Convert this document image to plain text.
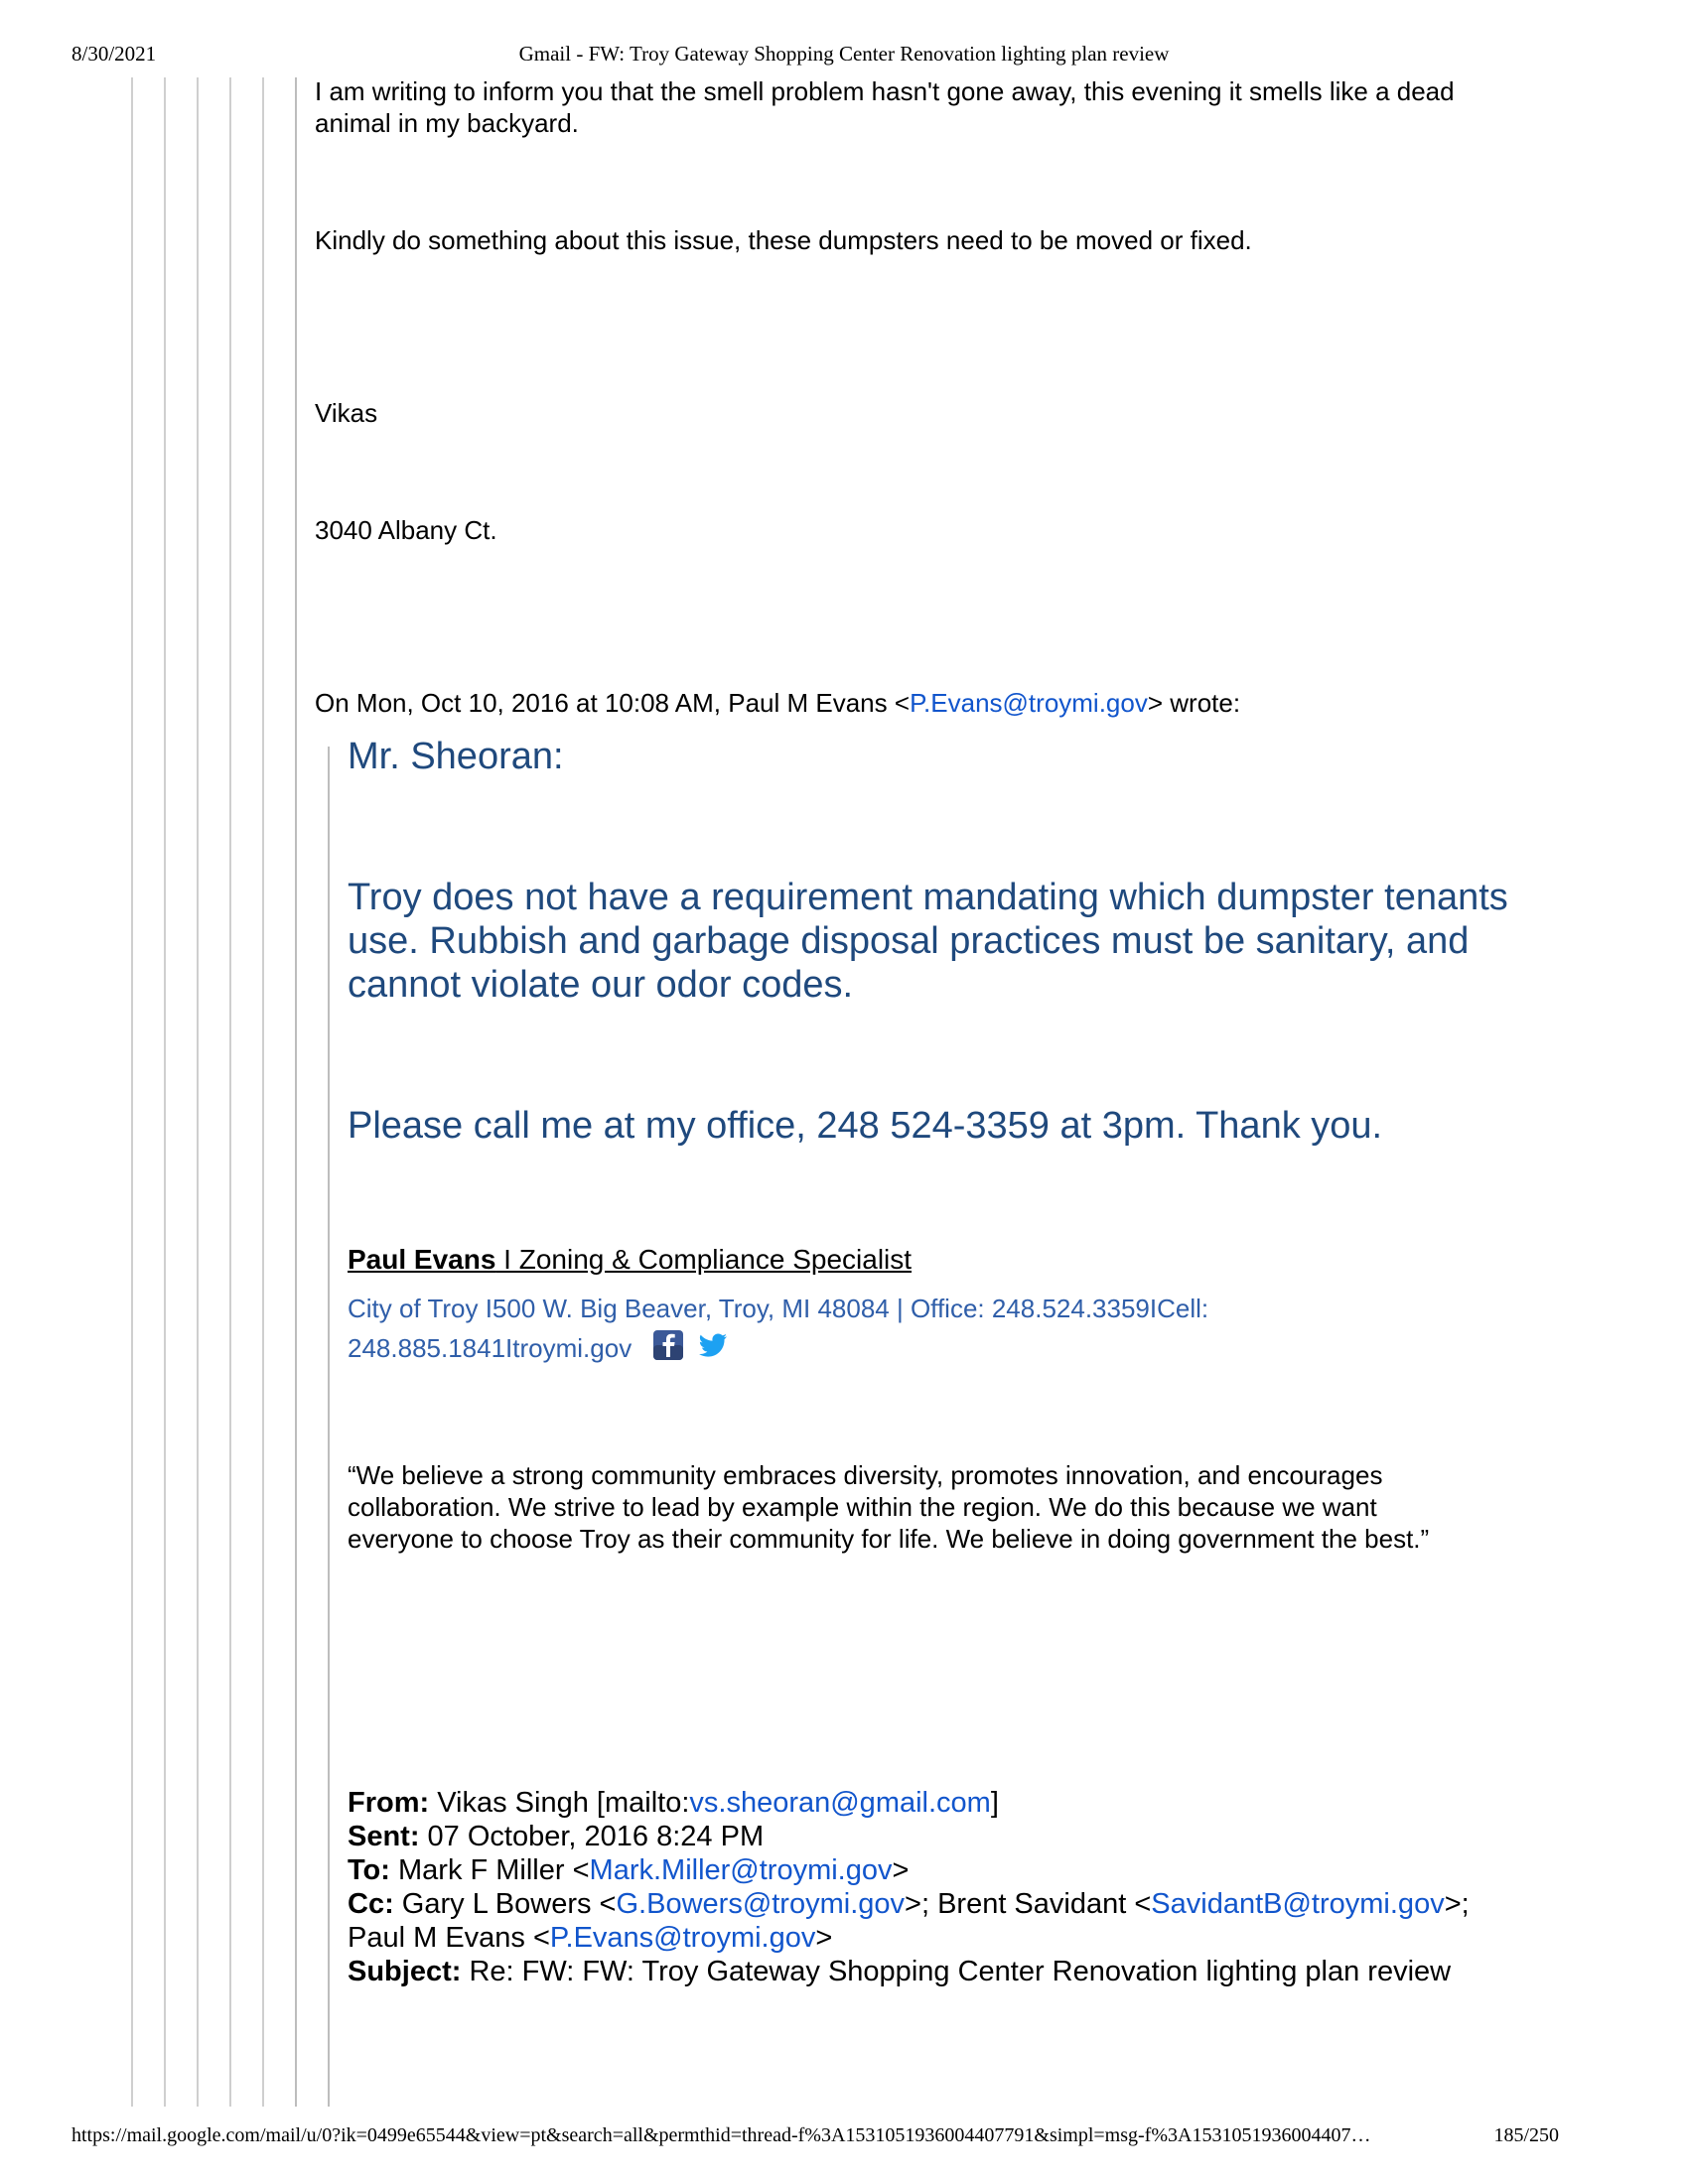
8/30/2021	Gmail - FW: Troy Gateway Shopping Center Renovation lighting plan review

I am writing to inform you that the smell problem hasn't gone away, this evening it smells like a dead

animal in my backyard.

Kindly do something about this issue, these dumpsters need to be moved or fixed.

Vikas

3040 Albany Ct.

On Mon, Oct 10, 2016 at 10:08 AM, Paul M Evans <P.Evans@troymi.gov> wrote:

Mr. Sheoran:

Troy does not have a requirement mandating which dumpster tenants

use. Rubbish and garbage disposal practices must be sanitary, and

cannot violate our odor codes.

Please call me at my office, 248 524-3359 at 3pm. Thank you.

Paul Evans I Zoning & Compliance Specialist

City of Troy I500 W. Big Beaver, Troy, MI 48084 | Office: 248.524.3359ICell:

248.885.1841Itroymi.gov

“We believe a strong community embraces diversity, promotes innovation, and encourages

collaboration. We strive to lead by example within the region. We do this because we want

everyone to choose Troy as their community for life. We believe in doing government the best.”

From: Vikas Singh [mailto:vs.sheoran@gmail.com]

Sent: 07 October, 2016 8:24 PM

To: Mark F Miller <Mark.Miller@troymi.gov>

Cc: Gary L Bowers <G.Bowers@troymi.gov>; Brent Savidant <SavidantB@troymi.gov>;

Paul M Evans <P.Evans@troymi.gov>

Subject: Re: FW: FW: Troy Gateway Shopping Center Renovation lighting plan review

https://mail.google.com/mail/u/0?ik=0499e65544&view=pt&search=all&permthid=thread-f%3A1531051936004407791&simpl=msg-f%3A1531051936004407…	185/250
